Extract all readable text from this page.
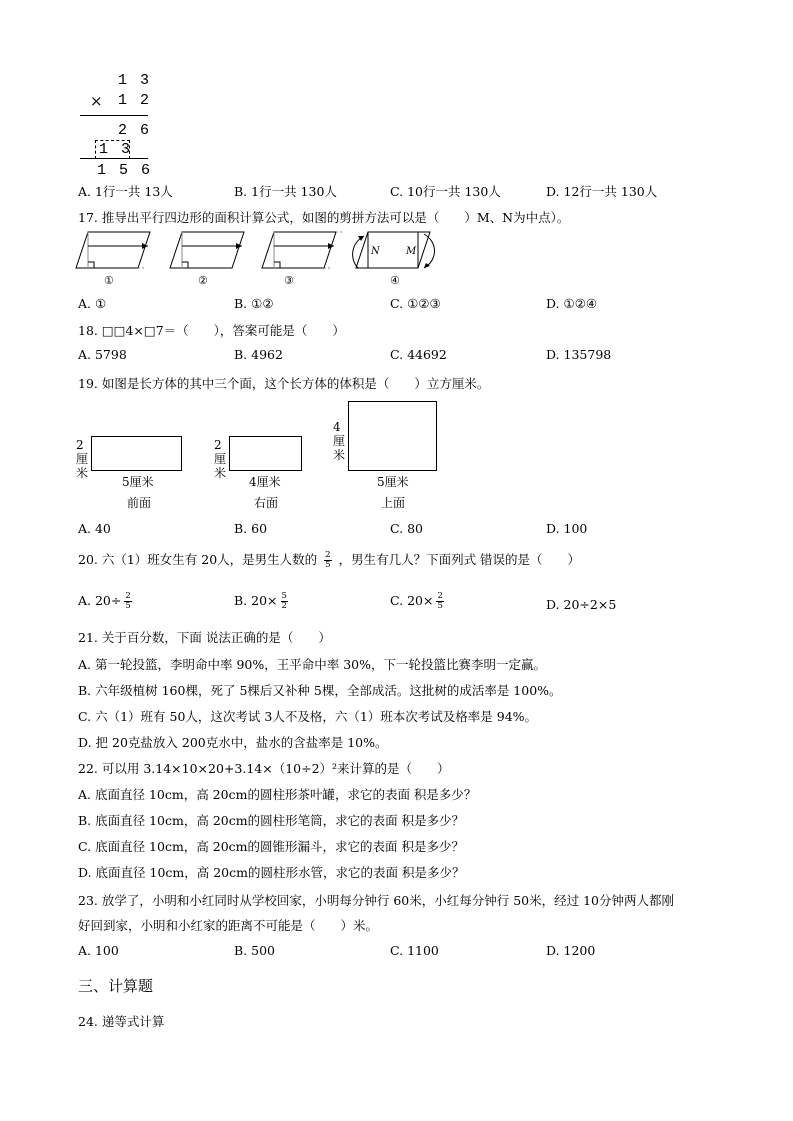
1 3
× 1 2
2 6
1 3
1 5 6
A. 1行一共 13人	B. 1行一共 130人	C. 10行一共 130人	D. 12行一共 130人
17. 推导出平行四边形的面积计算公式，如图的剪拼方法可以是（　　）M、N为中点）。
①	②	③
N	M
④
A. ①	B. ①②	C. ①②③	D. ①②④
18. □□4×□7＝（　　），答案可能是（　　）
A. 5798	B. 4962	C. 44692	D. 135798
19. 如图是长方体的其中三个面，这个长方体的体积是（　　）立方厘米。
2厘米
5厘米
前面
2厘米
4厘米
右面
4厘米
5厘米
上面
A. 40	B. 60	C. 80	D. 100
20. 六（1）班女生有 20人，是男生人数的 $\frac{2}{5}$ ，男生有几人？下面列式 错误的是（　　）
A. $20\div \frac{2}{5}$	B. $20\times \frac{5}{2}$	C. $20\times \frac{2}{5}$	D. 20÷2×5
21. 关于百分数，下面 说法正确的是（　　）
A. 第一轮投篮，李明命中率 90%，王平命中率 30%，下一轮投篮比赛李明一定赢。
B. 六年级植树 160棵，死了 5棵后又补种 5棵，全部成活。这批树的成活率是 100%。
C. 六（1）班有 50人，这次考试 3人不及格，六（1）班本次考试及格率是 94%。
D. 把 20克盐放入 200克水中，盐水的含盐率是 10%。
22. 可以用 3.14×10×20+3.14×（10÷2）²来计算的是（　　）
A. 底面直径 10cm，高 20cm的圆柱形茶叶罐，求它的表面 积是多少？
B. 底面直径 10cm，高 20cm的圆柱形笔筒，求它的表面 积是多少？
C. 底面直径 10cm，高 20cm的圆锥形漏斗，求它的表面 积是多少？
D. 底面直径 10cm，高 20cm的圆柱形水管，求它的表面 积是多少？
23. 放学了，小明和小红同时从学校回家，小明每分钟行 60米，小红每分钟行 50米，经过 10分钟两人都刚
好回到家，小明和小红家的距离不可能是（　　）米。
A. 100	B. 500	C. 1100	D. 1200
三、计算题
24. 递等式计算
